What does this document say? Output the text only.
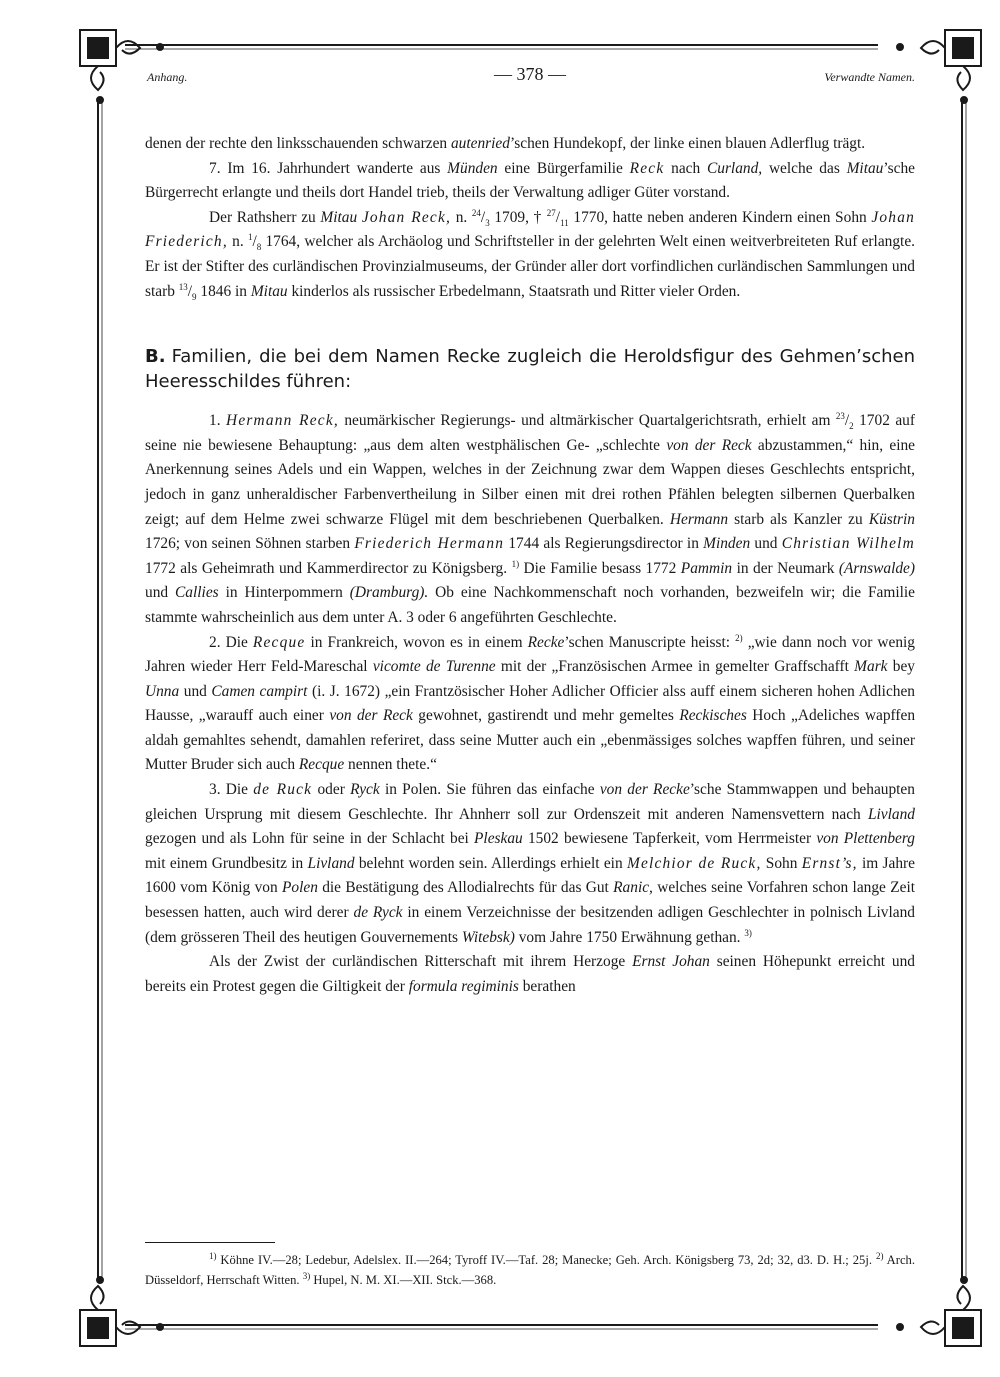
Anhang.	— 378 —	Verwandte Namen.

denen der rechte den linksschauenden schwarzen autenried’schen Hundekopf, der linke einen blauen Adlerflug trägt.

7. Im 16. Jahrhundert wanderte aus Münden eine Bürgerfamilie Reck nach Curland, welche das Mitau’sche Bürgerrecht erlangte und theils dort Handel trieb, theils der Verwaltung adliger Güter vorstand.

Der Rathsherr zu Mitau Johan Reck, n. $^{24}/_3$ 1709, † $^{27}/_{11}$ 1770, hatte neben anderen Kindern einen Sohn Johan Friederich, n. $^1/_8$ 1764, welcher als Archäolog und Schriftsteller in der gelehrten Welt einen weitverbreiteten Ruf erlangte. Er ist der Stifter des curländischen Provinzialmuseums, der Gründer aller dort vorfindlichen curländischen Sammlungen und starb $^{13}/_9$ 1846 in Mitau kinderlos als russischer Erbedelmann, Staatsrath und Ritter vieler Orden.

B. Familien, die bei dem Namen Recke zugleich die Heroldsfigur des Gehmen’schen Heeresschildes führen:

1. Hermann Reck, neumärkischer Regierungs- und altmärkischer Quartalgerichtsrath, erhielt am $^{23}/_2$ 1702 auf seine nie bewiesene Behauptung: „aus dem alten westphälischen Ge- „schlechte von der Reck abzustammen,“ hin, eine Anerkennung seines Adels und ein Wappen, welches in der Zeichnung zwar dem Wappen dieses Geschlechts entspricht, jedoch in ganz unheraldischer Farbenvertheilung in Silber einen mit drei rothen Pfählen belegten silbernen Querbalken zeigt; auf dem Helme zwei schwarze Flügel mit dem beschriebenen Querbalken. Hermann starb als Kanzler zu Küstrin 1726; von seinen Söhnen starben Friederich Hermann 1744 als Regierungsdirector in Minden und Christian Wilhelm 1772 als Geheimrath und Kammerdirector zu Königsberg. $^{1)}$ Die Familie besass 1772 Pammin in der Neumark (Arnswalde) und Callies in Hinterpommern (Dramburg). Ob eine Nachkommenschaft noch vorhanden, bezweifeln wir; die Familie stammte wahrscheinlich aus dem unter A. 3 oder 6 angeführten Geschlechte.

2. Die Recque in Frankreich, wovon es in einem Recke’schen Manuscripte heisst: $^{2)}$ „wie dann noch vor wenig Jahren wieder Herr Feld-Mareschal vicomte de Turenne mit der „Französischen Armee in gemelter Graffschafft Mark bey Unna und Camen campirt (i. J. 1672) „ein Frantzösischer Hoher Adlicher Officier alss auff einem sicheren hohen Adlichen Hausse, „warauff auch einer von der Reck gewohnet, gastirendt und mehr gemeltes Reckisches Hoch „Adeliches wapffen aldah gemahltes sehendt, damahlen referiret, dass seine Mutter auch ein „ebenmässiges solches wapffen führen, und seiner Mutter Bruder sich auch Recque nennen thete.“

3. Die de Ruck oder Ryck in Polen. Sie führen das einfache von der Recke’sche Stammwappen und behaupten gleichen Ursprung mit diesem Geschlechte. Ihr Ahnherr soll zur Ordenszeit mit anderen Namensvettern nach Livland gezogen und als Lohn für seine in der Schlacht bei Pleskau 1502 bewiesene Tapferkeit, vom Herrmeister von Plettenberg mit einem Grundbesitz in Livland belehnt worden sein. Allerdings erhielt ein Melchior de Ruck, Sohn Ernst’s, im Jahre 1600 vom König von Polen die Bestätigung des Allodialrechts für das Gut Ranic, welches seine Vorfahren schon lange Zeit besessen hatten, auch wird derer de Ryck in einem Verzeichnisse der besitzenden adligen Geschlechter in polnisch Livland (dem grösseren Theil des heutigen Gouvernements Witebsk) vom Jahre 1750 Erwähnung gethan. $^{3)}$

Als der Zwist der curländischen Ritterschaft mit ihrem Herzoge Ernst Johan seinen Höhepunkt erreicht und bereits ein Protest gegen die Giltigkeit der formula regiminis berathen

$^{1)}$ Köhne IV.—28; Ledebur, Adelslex. II.—264; Tyroff IV.—Taf. 28; Manecke; Geh. Arch. Königsberg 73, 2d; 32, d3. D. H.; 25j. $^{2)}$ Arch. Düsseldorf, Herrschaft Witten. $^{3)}$ Hupel, N. M. XI.—XII. Stck.—368.
